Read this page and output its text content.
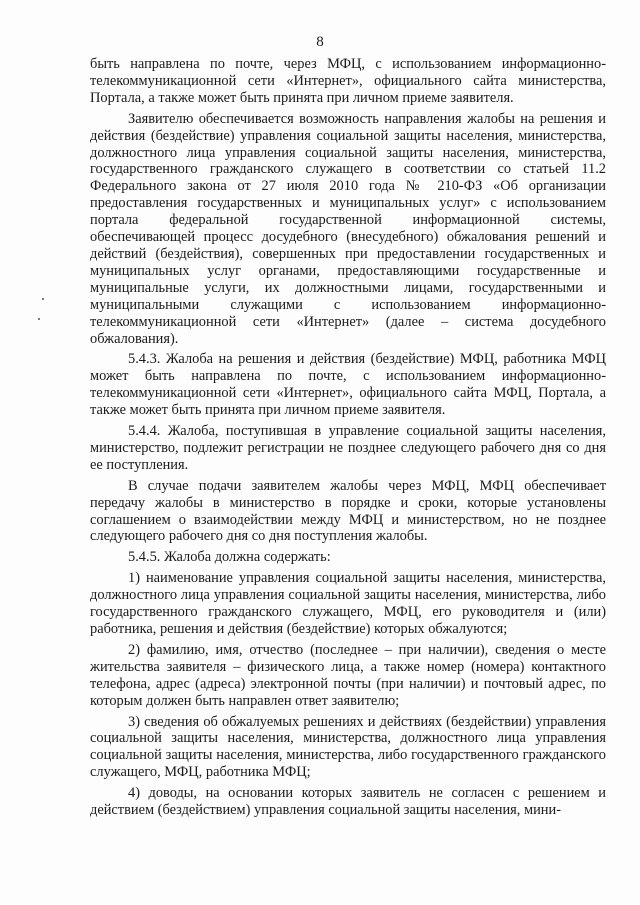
8

быть направлена по почте, через МФЦ, с использованием информационно-телекоммуникационной сети «Интернет», официального сайта министерства, Портала, а также может быть принята при личном приеме заявителя.

Заявителю обеспечивается возможность направления жалобы на решения и действия (бездействие) управления социальной защиты населения, министерства, должностного лица управления социальной защиты населения, министерства, государственного гражданского служащего в соответствии со статьей 11.2 Федерального закона от 27 июля 2010 года № 210-ФЗ «Об организации предоставления государственных и муниципальных услуг» с использованием портала федеральной государственной информационной системы, обеспечивающей процесс досудебного (внесудебного) обжалования решений и действий (бездействия), совершенных при предоставлении государственных и муниципальных услуг органами, предоставляющими государственные и муниципальные услуги, их должностными лицами, государственными и муниципальными служащими с использованием информационно-телекоммуникационной сети «Интернет» (далее – система досудебного обжалования).

5.4.3. Жалоба на решения и действия (бездействие) МФЦ, работника МФЦ может быть направлена по почте, с использованием информационно-телекоммуникационной сети «Интернет», официального сайта МФЦ, Портала, а также может быть принята при личном приеме заявителя.

5.4.4. Жалоба, поступившая в управление социальной защиты населения, министерство, подлежит регистрации не позднее следующего рабочего дня со дня ее поступления.

В случае подачи заявителем жалобы через МФЦ, МФЦ обеспечивает передачу жалобы в министерство в порядке и сроки, которые установлены соглашением о взаимодействии между МФЦ и министерством, но не позднее следующего рабочего дня со дня поступления жалобы.

5.4.5. Жалоба должна содержать:

1) наименование управления социальной защиты населения, министерства, должностного лица управления социальной защиты населения, министерства, либо государственного гражданского служащего, МФЦ, его руководителя и (или) работника, решения и действия (бездействие) которых обжалуются;

2) фамилию, имя, отчество (последнее – при наличии), сведения о месте жительства заявителя – физического лица, а также номер (номера) контактного телефона, адрес (адреса) электронной почты (при наличии) и почтовый адрес, по которым должен быть направлен ответ заявителю;

3) сведения об обжалуемых решениях и действиях (бездействии) управления социальной защиты населения, министерства, должностного лица управления социальной защиты населения, министерства, либо государственного гражданского служащего, МФЦ, работника МФЦ;

4) доводы, на основании которых заявитель не согласен с решением и действием (бездействием) управления социальной защиты населения, мини-
